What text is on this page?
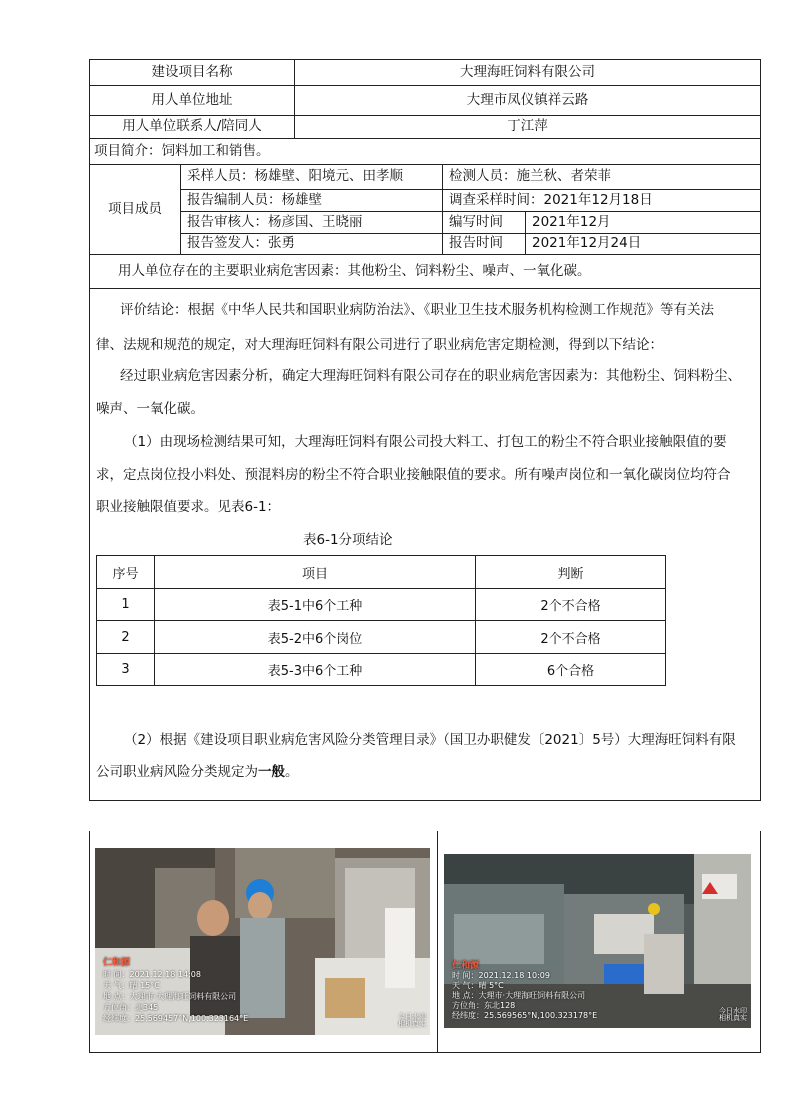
建设项目名称	大理海旺饲料有限公司
用人单位地址	大理市凤仪镇祥云路
用人单位联系人/陪同人	丁江萍
项目简介：饲料加工和销售。
项目成员
采样人员：杨雄壁、阳境元、田孝顺	检测人员：施兰秋、者荣菲
报告编制人员：杨雄壁	调查采样时间：2021年12月18日
报告审核人：杨彦国、王晓丽	编写时间 2021年12月
报告签发人：张勇	报告时间 2021年12月24日
用人单位存在的主要职业病危害因素：其他粉尘、饲料粉尘、噪声、一氧化碳。
评价结论：根据《中华人民共和国职业病防治法》、《职业卫生技术服务机构检测工作规范》等有关法
律、法规和规范的规定，对大理海旺饲料有限公司进行了职业病危害定期检测，得到以下结论：
经过职业病危害因素分析，确定大理海旺饲料有限公司存在的职业病危害因素为：其他粉尘、饲料粉尘、
噪声、一氧化碳。
（1）由现场检测结果可知，大理海旺饲料有限公司投大料工、打包工的粉尘不符合职业接触限值的要
求，定点岗位投小料处、预混料房的粉尘不符合职业接触限值的要求。所有噪声岗位和一氧化碳岗位均符合
职业接触限值要求。见表6-1：
表6-1分项结论
序号	项目	判断
1	表5-1中6个工种	2个不合格
2	表5-2中6个岗位	2个不合格
3	表5-3中6个工种	6个合格
（2）根据《建设项目职业病危害风险分类管理目录》（国卫办职健发〔2021〕5号）大理海旺饲料有限
公司职业病风险分类规定为一般。
仁和源
时 间：2021.12.18 14:08
天 气：晴 15°C
地 点：大理市·大理海旺饲料有限公司
方位角：北345
经纬度：25.569457°N,100.323164°E	今日水印
相机真实
仁和源
时 间：2021.12.18 10:09
天 气：晴 5°C
地 点：大理市·大理海旺饲料有限公司
方位角：东北128
经纬度：25.569565°N,100.323178°E
今日水印
相机真实
